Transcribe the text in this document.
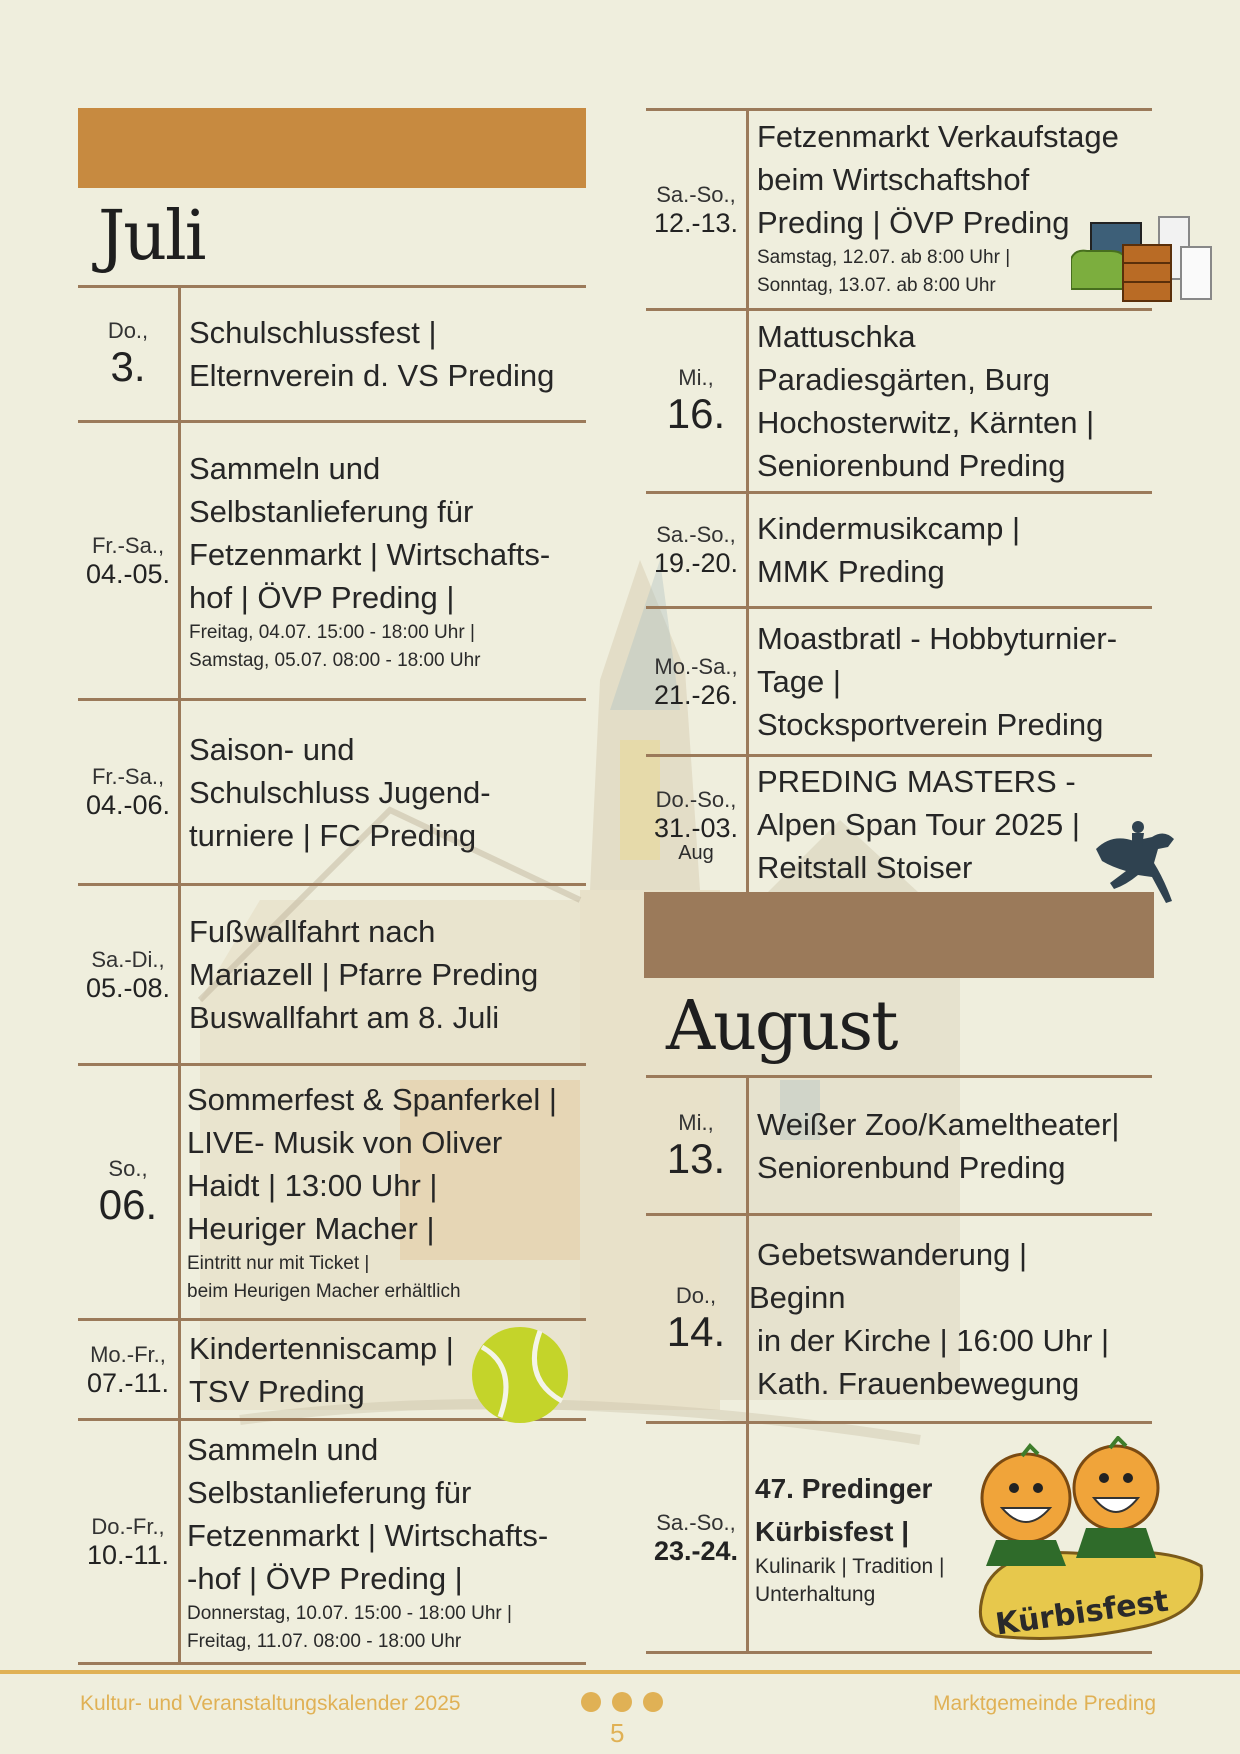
Juli
Do.,
3.
Schulschlussfest |
Elternverein d. VS Preding
Fr.-Sa.,
04.-05.
Sammeln und
Selbstanlieferung für
Fetzenmarkt | Wirtschafts-
hof | ÖVP Preding |
Freitag, 04.07. 15:00 - 18:00 Uhr |
Samstag, 05.07. 08:00 - 18:00 Uhr
Fr.-Sa.,
04.-06.
Saison- und
Schulschluss Jugend-
turniere | FC Preding
Sa.-Di.,
05.-08.
Fußwallfahrt nach
Mariazell | Pfarre Preding
Buswallfahrt am 8. Juli
So.,
06.
Sommerfest & Spanferkel |
LIVE- Musik von Oliver
Haidt | 13:00 Uhr |
Heuriger Macher |
Eintritt nur mit Ticket |
beim Heurigen Macher erhältlich
Mo.-Fr.,
07.-11.
Kindertenniscamp |
TSV Preding
Do.-Fr.,
10.-11.
Sammeln und
Selbstanlieferung für
Fetzenmarkt | Wirtschafts-
-hof | ÖVP Preding |
Donnerstag, 10.07. 15:00 - 18:00 Uhr |
Freitag, 11.07. 08:00 - 18:00 Uhr
Sa.-So.,
12.-13.
Fetzenmarkt Verkaufstage
beim Wirtschaftshof
Preding | ÖVP Preding
Samstag, 12.07. ab 8:00 Uhr |
Sonntag, 13.07. ab 8:00 Uhr
Mi.,
16.
Mattuschka
Paradiesgärten, Burg
Hochosterwitz, Kärnten |
Seniorenbund Preding
Sa.-So.,
19.-20.
Kindermusikcamp |
MMK Preding
Mo.-Sa.,
21.-26.
Moastbratl - Hobbyturnier-
Tage |
Stocksportverein Preding
Do.-So.,
31.-03.
Aug
PREDING MASTERS -
Alpen Span Tour 2025 |
Reitstall Stoiser
August
Mi.,
13.
Weißer Zoo/Kameltheater|
Seniorenbund Preding
Do.,
14.
Gebetswanderung |
Beginn
in der Kirche | 16:00 Uhr |
Kath. Frauenbewegung
Sa.-So.,
23.-24.
47. Predinger
Kürbisfest |
Kulinarik | Tradition |
Unterhaltung	Kürbisfest
Kultur- und Veranstaltungskalender 2025
5
Marktgemeinde Preding
